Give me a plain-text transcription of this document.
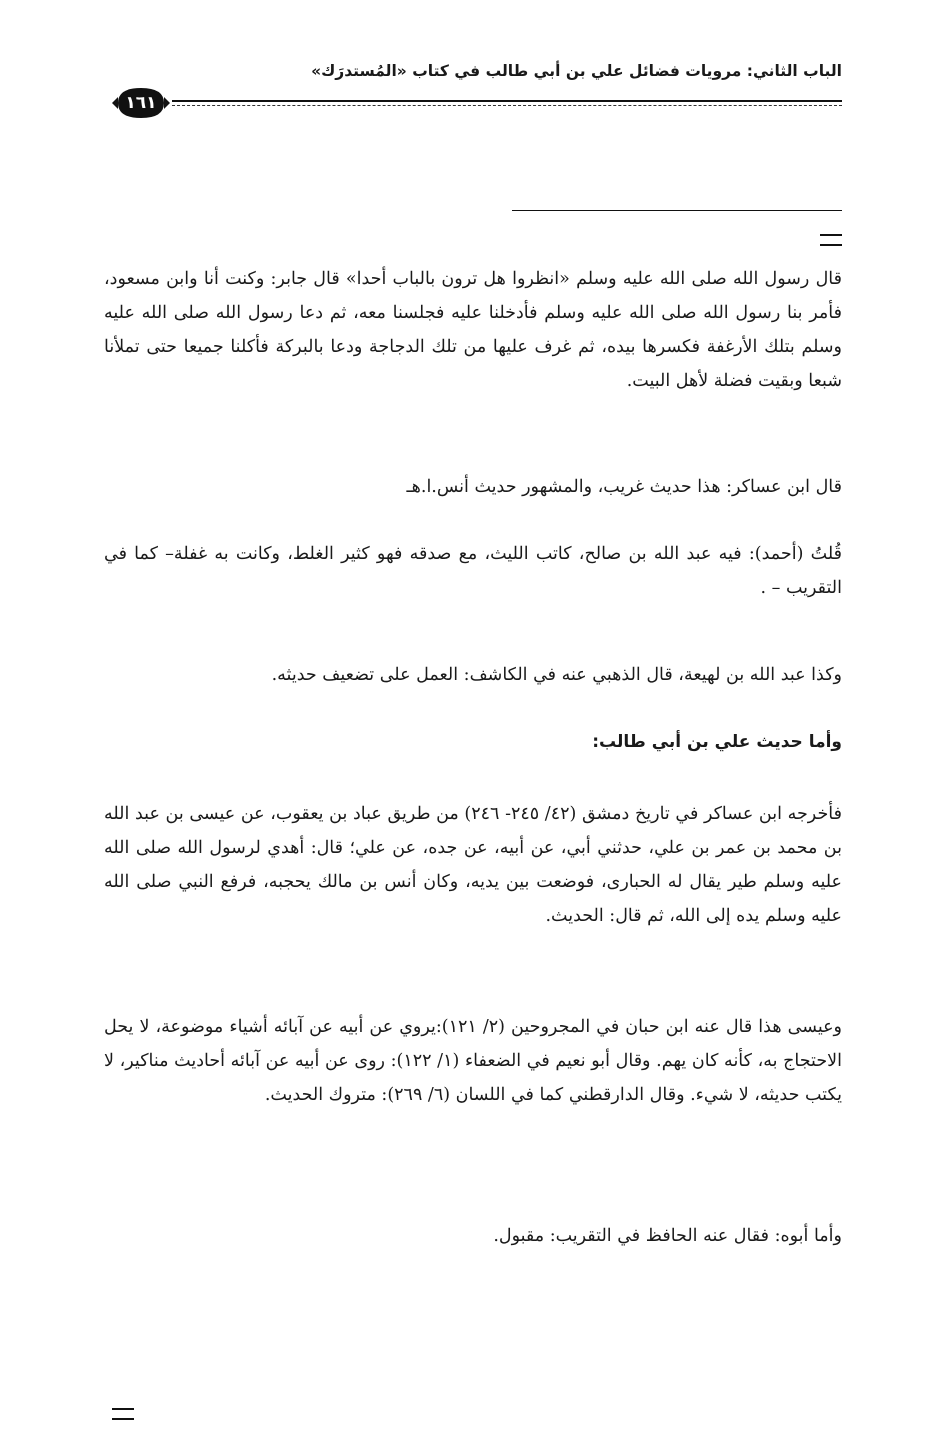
الباب الثاني: مرويات فضائل علي بن أبي طالب في كتاب «المُستدرَك»
١٦١
قال رسول الله صلى الله عليه وسلم «انظروا هل ترون بالباب أحدا» قال جابر: وكنت أنا وابن مسعود، فأمر بنا رسول الله صلى الله عليه وسلم فأدخلنا عليه فجلسنا معه، ثم دعا رسول الله صلى الله عليه وسلم بتلك الأرغفة فكسرها بيده، ثم غرف عليها من تلك الدجاجة ودعا بالبركة فأكلنا جميعا حتى تملأنا شبعا وبقيت فضلة لأهل البيت.
قال ابن عساكر: هذا حديث غريب، والمشهور حديث أنس.ا.هـ
قُلتُ (أحمد): فيه عبد الله بن صالح، كاتب الليث، مع صدقه فهو كثير الغلط، وكانت به غفلة– كما في التقريب – .
وكذا عبد الله بن لهيعة، قال الذهبي عنه في الكاشف: العمل على تضعيف حديثه.
وأما حديث علي بن أبي طالب:
فأخرجه ابن عساكر في تاريخ دمشق (٤٢/ ٢٤٥- ٢٤٦) من طريق عباد بن يعقوب، عن عيسى بن عبد الله بن محمد بن عمر بن علي، حدثني أبي، عن أبيه، عن جده، عن علي؛ قال: أهدي لرسول الله صلى الله عليه وسلم طير يقال له الحبارى، فوضعت بين يديه، وكان أنس بن مالك يحجبه، فرفع النبي صلى الله عليه وسلم يده إلى الله، ثم قال: الحديث.
وعيسى هذا قال عنه ابن حبان في المجروحين (٢/ ١٢١):يروي عن أبيه عن آبائه أشياء موضوعة، لا يحل الاحتجاج به، كأنه كان يهم. وقال أبو نعيم في الضعفاء (١/ ١٢٢): روى عن أبيه عن آبائه أحاديث مناكير، لا يكتب حديثه، لا شيء. وقال الدارقطني كما في اللسان (٦/ ٢٦٩): متروك الحديث.
وأما أبوه: فقال عنه الحافظ في التقريب: مقبول.
